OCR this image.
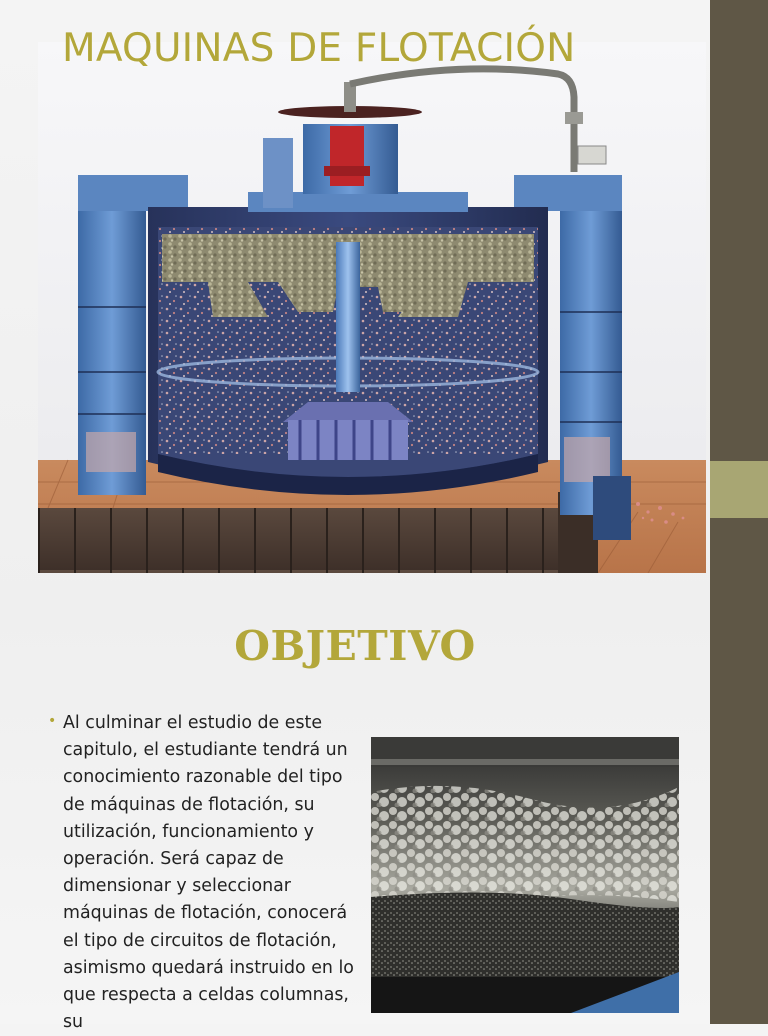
MAQUINAS DE FLOTACIÓN
OBJETIVO
• Al culminar el estudio de este capitulo, el estudiante tendrá un conocimiento razonable del tipo de máquinas de flotación, su utilización, funcionamiento y operación. Será capaz de dimensionar y seleccionar máquinas de flotación, conocerá el tipo de circuitos de flotación, asimismo quedará instruido en lo que respecta a celdas columnas, su
